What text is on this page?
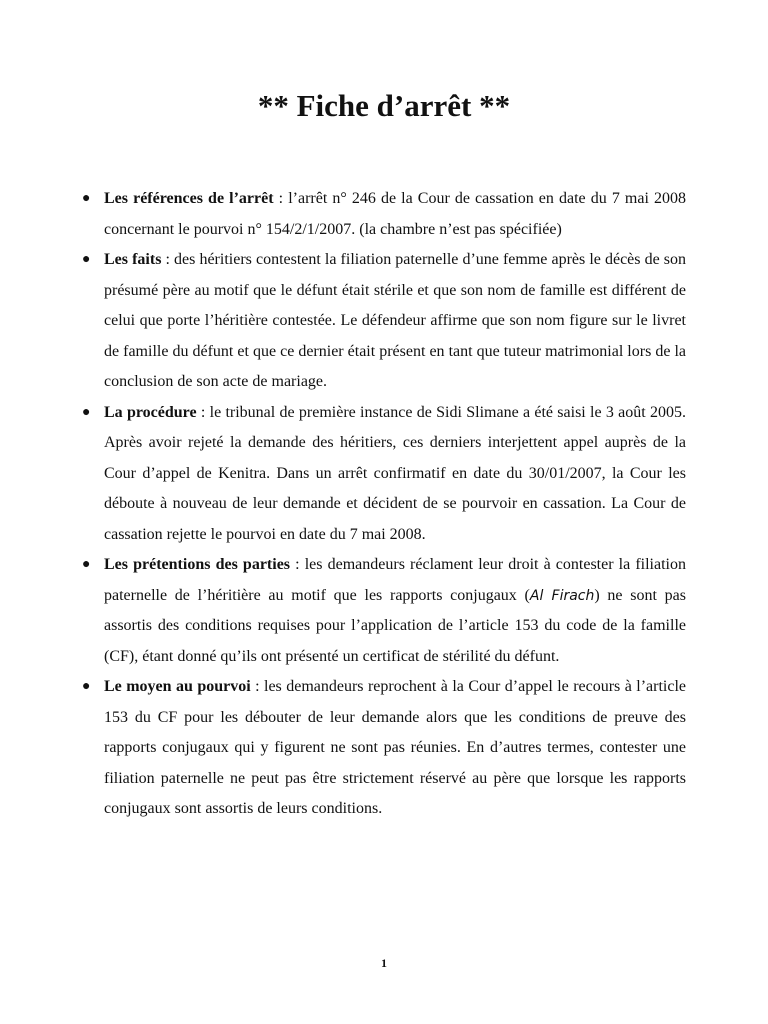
** Fiche d’arrêt **
● Les références de l’arrêt : l’arrêt n° 246 de la Cour de cassation en date du 7 mai 2008 concernant le pourvoi n° 154/2/1/2007. (la chambre n’est pas spécifiée)
● Les faits : des héritiers contestent la filiation paternelle d’une femme après le décès de son présumé père au motif que le défunt était stérile et que son nom de famille est différent de celui que porte l’héritière contestée. Le défendeur affirme que son nom figure sur le livret de famille du défunt et que ce dernier était présent en tant que tuteur matrimonial lors de la conclusion de son acte de mariage.
● La procédure : le tribunal de première instance de Sidi Slimane a été saisi le 3 août 2005. Après avoir rejeté la demande des héritiers, ces derniers interjettent appel auprès de la Cour d’appel de Kenitra. Dans un arrêt confirmatif en date du 30/01/2007, la Cour les déboute à nouveau de leur demande et décident de se pourvoir en cassation. La Cour de cassation rejette le pourvoi en date du 7 mai 2008.
● Les prétentions des parties : les demandeurs réclament leur droit à contester la filiation paternelle de l’héritière au motif que les rapports conjugaux (Al Firach) ne sont pas assortis des conditions requises pour l’application de l’article 153 du code de la famille (CF), étant donné qu’ils ont présenté un certificat de stérilité du défunt.
● Le moyen au pourvoi : les demandeurs reprochent à la Cour d’appel le recours à l’article 153 du CF pour les débouter de leur demande alors que les conditions de preuve des rapports conjugaux qui y figurent ne sont pas réunies. En d’autres termes, contester une filiation paternelle ne peut pas être strictement réservé au père que lorsque les rapports conjugaux sont assortis de leurs conditions.
1
